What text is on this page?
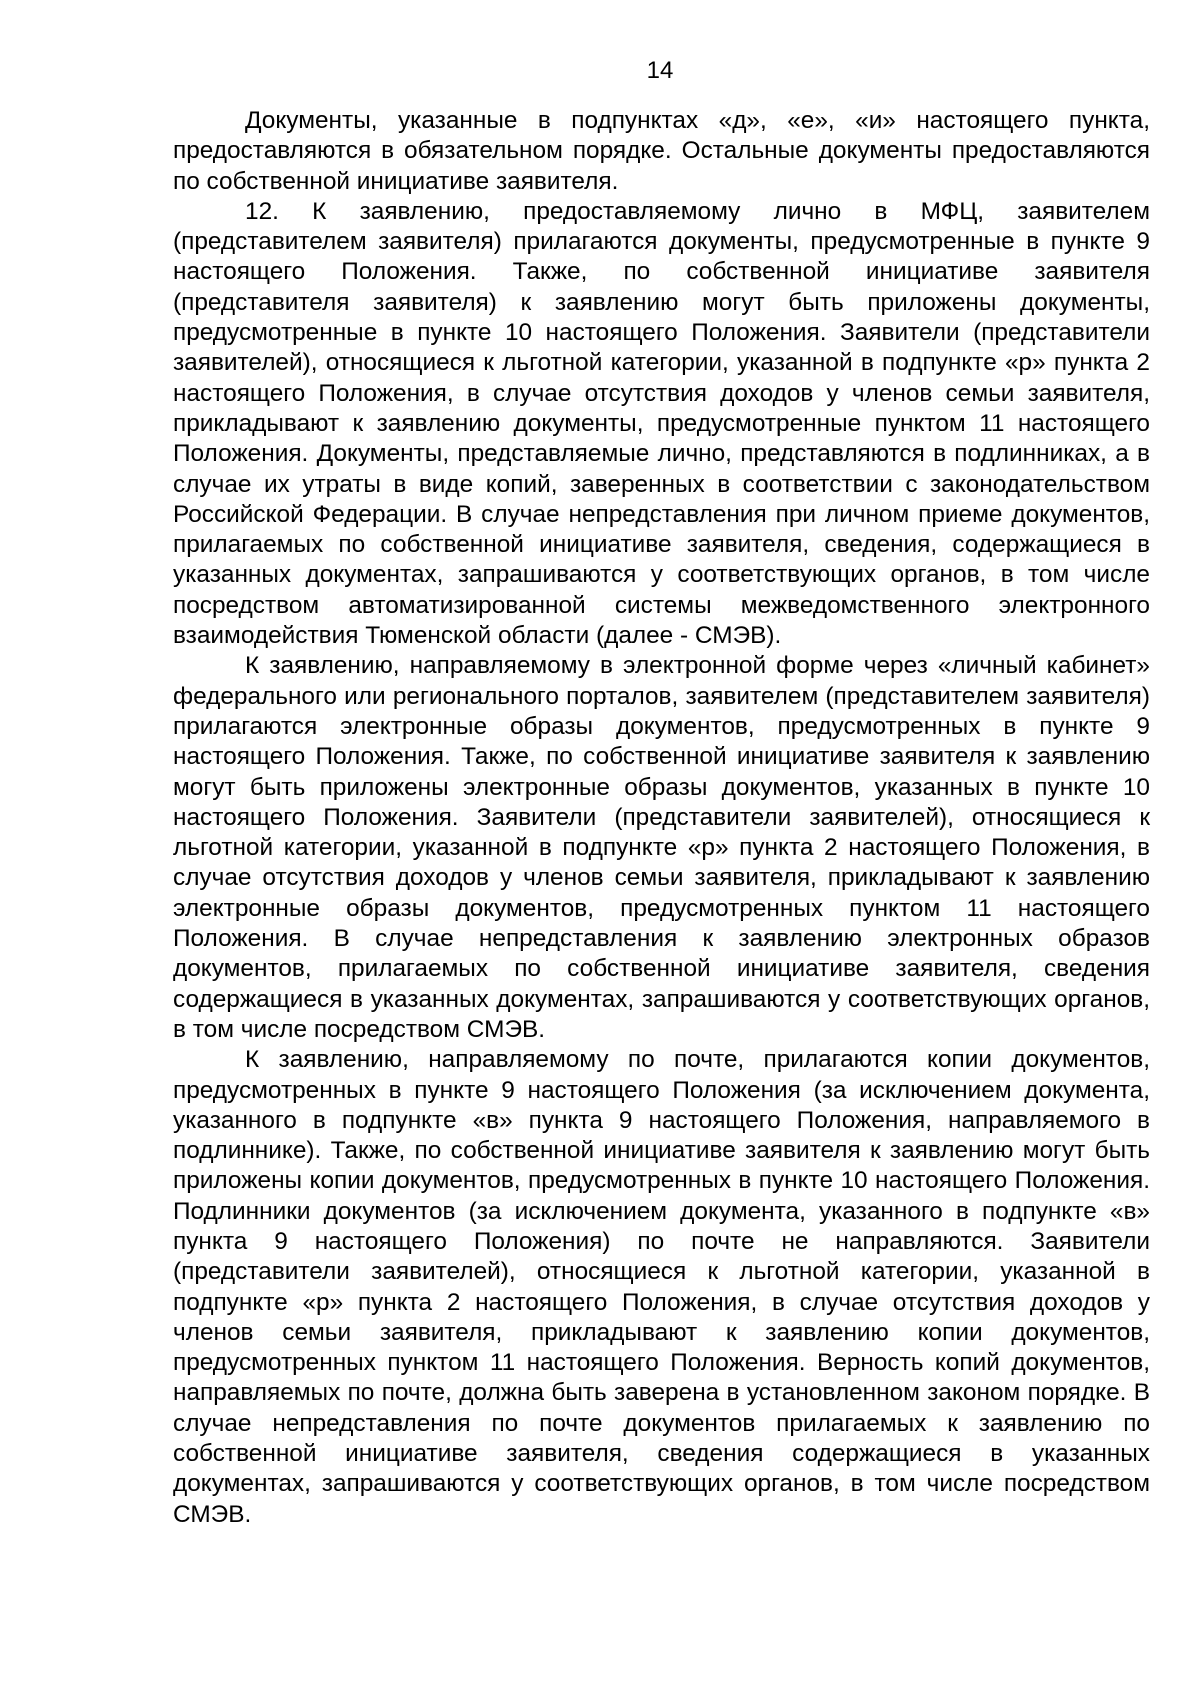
14

Документы, указанные в подпунктах «д», «е», «и» настоящего пункта, предоставляются в обязательном порядке. Остальные документы предоставляются по собственной инициативе заявителя.

12. К заявлению, предоставляемому лично в МФЦ, заявителем (представителем заявителя) прилагаются документы, предусмотренные в пункте 9 настоящего Положения. Также, по собственной инициативе заявителя (представителя заявителя) к заявлению могут быть приложены документы, предусмотренные в пункте 10 настоящего Положения. Заявители (представители заявителей), относящиеся к льготной категории, указанной в подпункте «р» пункта 2 настоящего Положения, в случае отсутствия доходов у членов семьи заявителя, прикладывают к заявлению документы, предусмотренные пунктом 11 настоящего Положения. Документы, представляемые лично, представляются в подлинниках, а в случае их утраты в виде копий, заверенных в соответствии с законодательством Российской Федерации. В случае непредставления при личном приеме документов, прилагаемых по собственной инициативе заявителя, сведения, содержащиеся в указанных документах, запрашиваются у соответствующих органов, в том числе посредством автоматизированной системы межведомственного электронного взаимодействия Тюменской области (далее - СМЭВ).

К заявлению, направляемому в электронной форме через «личный кабинет» федерального или регионального порталов, заявителем (представителем заявителя) прилагаются электронные образы документов, предусмотренных в пункте 9 настоящего Положения. Также, по собственной инициативе заявителя к заявлению могут быть приложены электронные образы документов, указанных в пункте 10 настоящего Положения. Заявители (представители заявителей), относящиеся к льготной категории, указанной в подпункте «р» пункта 2 настоящего Положения, в случае отсутствия доходов у членов семьи заявителя, прикладывают к заявлению электронные образы документов, предусмотренных пунктом 11 настоящего Положения. В случае непредставления к заявлению электронных образов документов, прилагаемых по собственной инициативе заявителя, сведения содержащиеся в указанных документах, запрашиваются у соответствующих органов, в том числе посредством СМЭВ.

К заявлению, направляемому по почте, прилагаются копии документов, предусмотренных в пункте 9 настоящего Положения (за исключением документа, указанного в подпункте «в» пункта 9 настоящего Положения, направляемого в подлиннике). Также, по собственной инициативе заявителя к заявлению могут быть приложены копии документов, предусмотренных в пункте 10 настоящего Положения. Подлинники документов (за исключением документа, указанного в подпункте «в» пункта 9 настоящего Положения) по почте не направляются. Заявители (представители заявителей), относящиеся к льготной категории, указанной в подпункте «р» пункта 2 настоящего Положения, в случае отсутствия доходов у членов семьи заявителя, прикладывают к заявлению копии документов, предусмотренных пунктом 11 настоящего Положения. Верность копий документов, направляемых по почте, должна быть заверена в установленном законом порядке. В случае непредставления по почте документов прилагаемых к заявлению по собственной инициативе заявителя, сведения содержащиеся в указанных документах, запрашиваются у соответствующих органов, в том числе посредством СМЭВ.
